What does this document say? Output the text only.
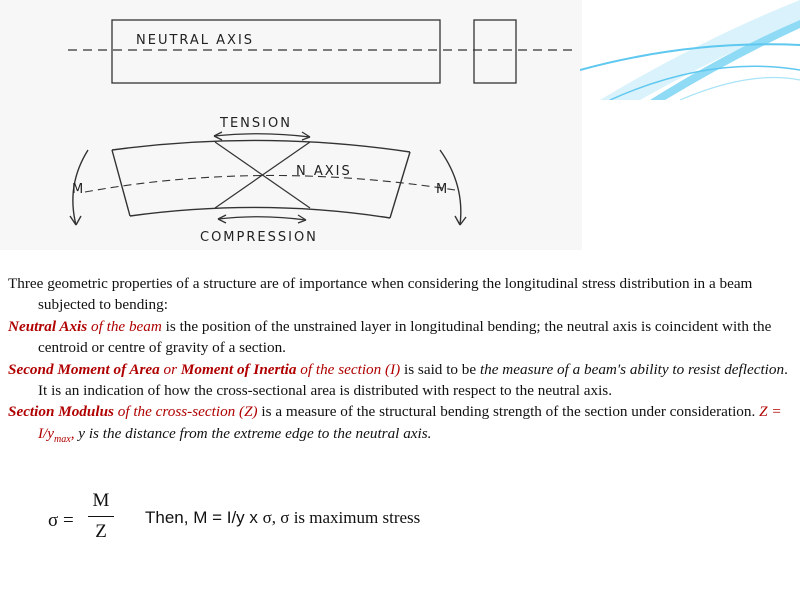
NEUTRAL AXIS
TENSION
N AXIS
M	M
COMPRESSION

Three geometric properties of a structure are of importance when considering the longitudinal stress distribution in a beam subjected to bending:

Neutral Axis of the beam is the position of the unstrained layer in longitudinal bending; the neutral axis is coincident with the centroid or centre of gravity of a section.

Second Moment of Area or Moment of Inertia of the section (I) is said to be the measure of a beam's ability to resist deflection. It is an indication of how the cross-sectional area is distributed with respect to the neutral axis.

Section Modulus of the cross-section (Z) is a measure of the structural bending strength of the section under consideration. $Z = I/y_{max}$, y is the distance from the extreme edge to the neutral axis.

σ =
M
Z
Then, M = I/y x σ, σ is maximum stress
